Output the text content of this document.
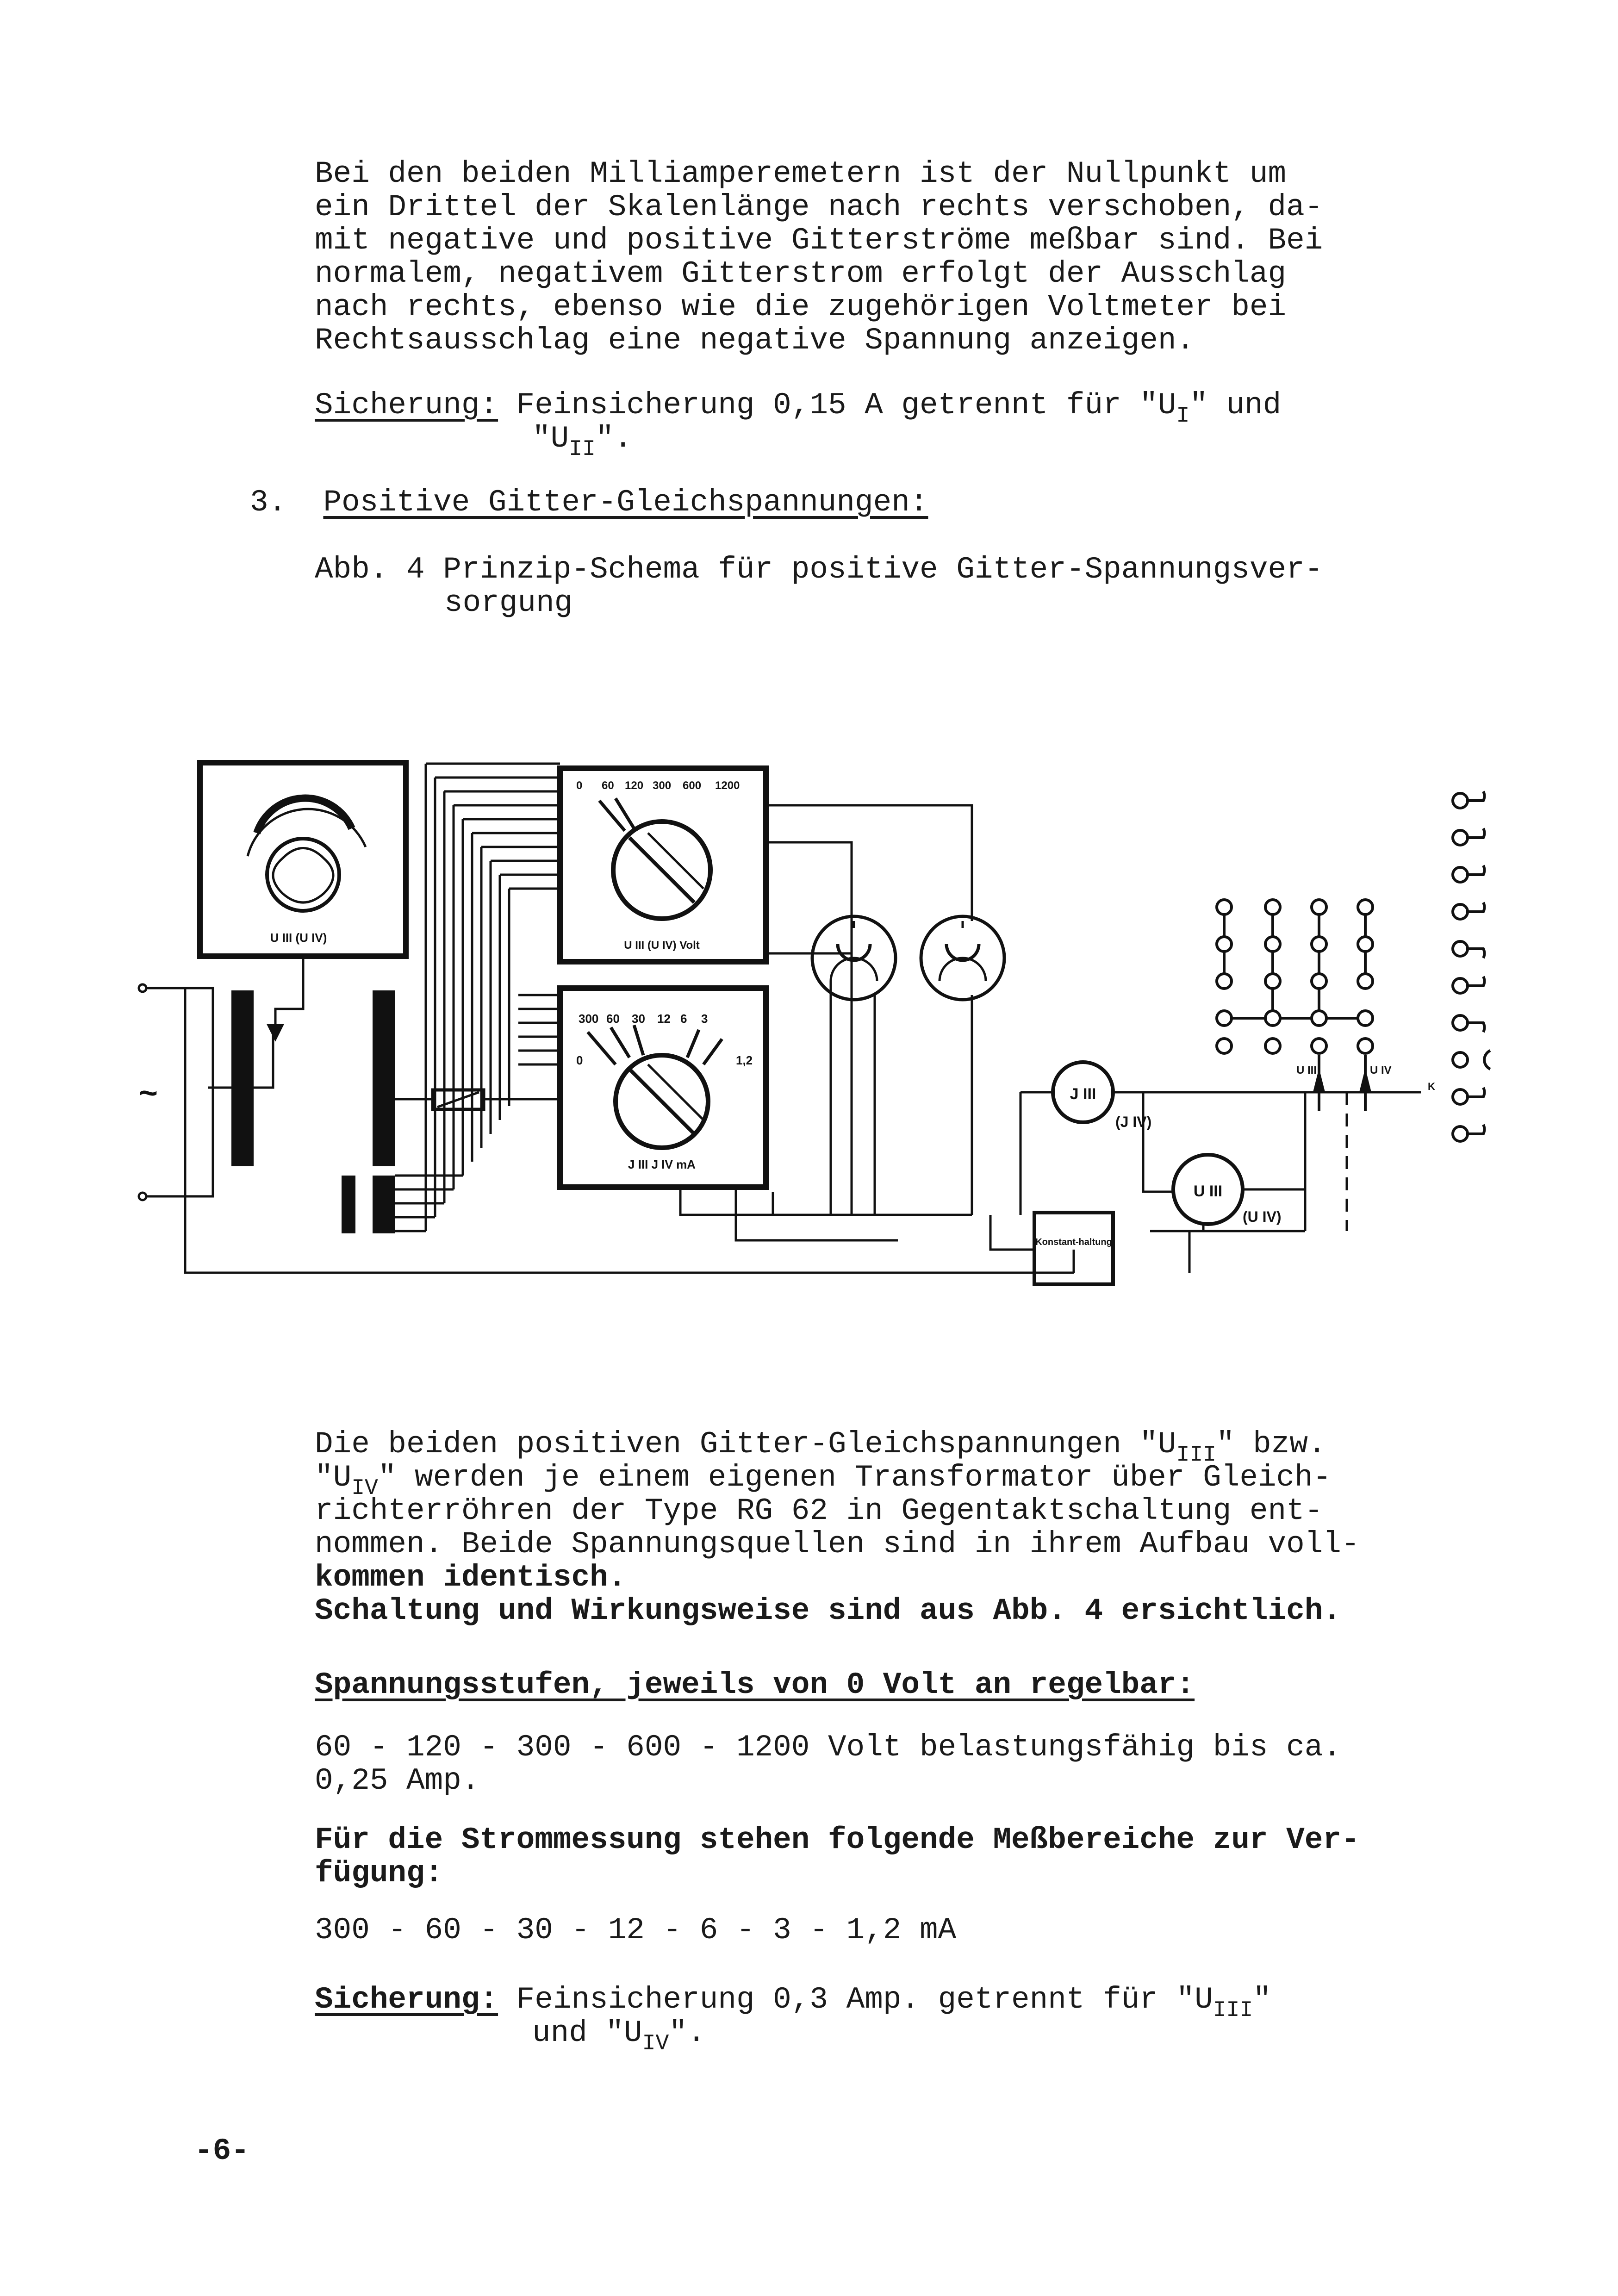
Bei den beiden Milliamperemetern ist der Nullpunkt um
ein Drittel der Skalenlänge nach rechts verschoben, da-
mit negative und positive Gitterströme meßbar sind. Bei
normalem, negativem Gitterstrom erfolgt der Ausschlag
nach rechts, ebenso wie die zugehörigen Voltmeter bei
Rechtsausschlag eine negative Spannung anzeigen.
Sicherung: Feinsicherung 0,15 A getrennt für "$U_I$" und
"$U_{II}$".
3. Positive Gitter-Gleichspannungen:
Abb. 4 Prinzip-Schema für positive Gitter-Spannungsver-
sorgung
U III (U IV)
U III (U IV) Volt
J III J IV mA
0 60 120 300 600 1200
300 60 30 12 6 3
1,2
0
J III
(J IV)
U III
(U IV)
Konstant-haltung
U III	U IV
K
~
Die beiden positiven Gitter-Gleichspannungen "$U_{III}$" bzw.
"$U_{IV}$" werden je einem eigenen Transformator über Gleich-
richterröhren der Type RG 62 in Gegentaktschaltung ent-
nommen. Beide Spannungsquellen sind in ihrem Aufbau voll-
kommen identisch.
Schaltung und Wirkungsweise sind aus Abb. 4 ersichtlich.
Spannungsstufen, jeweils von 0 Volt an regelbar:
60 - 120 - 300 - 600 - 1200 Volt belastungsfähig bis ca.
0,25 Amp.
Für die Strommessung stehen folgende Meßbereiche zur Ver-
fügung:
300 - 60 - 30 - 12 - 6 - 3 - 1,2 mA
Sicherung: Feinsicherung 0,3 Amp. getrennt für "$U_{III}$"
und "$U_{IV}$".
-6-
